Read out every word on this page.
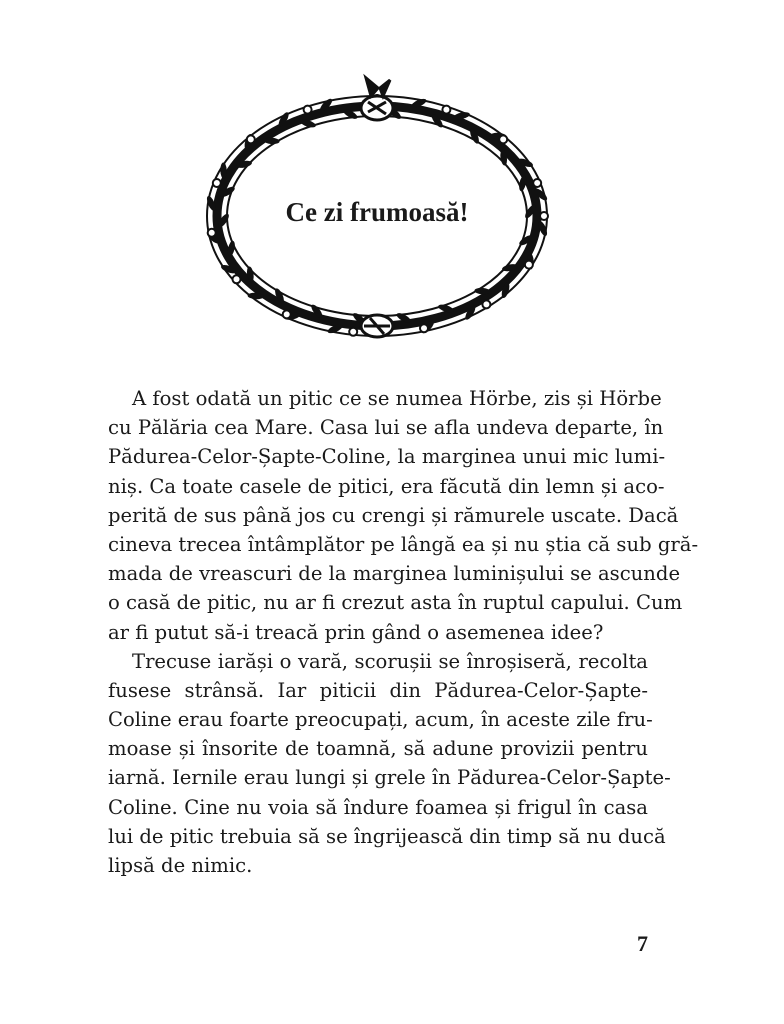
Ce zi frumoasă!

A fost odată un pitic ce se numea Hörbe, zis și Hörbe
cu Pălăria cea Mare. Casa lui se afla undeva departe, în
Pădurea-Celor-Șapte-Coline, la marginea unui mic lumi-
niș. Ca toate casele de pitici, era făcută din lemn și aco-
perită de sus până jos cu crengi și rămurele uscate. Dacă
cineva trecea întâmplător pe lângă ea și nu știa că sub gră-
mada de vreascuri de la marginea luminișului se ascunde
o casă de pitic, nu ar fi crezut asta în ruptul capului. Cum
ar fi putut să-i treacă prin gând o asemenea idee?

Trecuse iarăși o vară, scorușii se înroșiseră, recolta
fusese strânsă. Iar piticii din Pădurea-Celor-Șapte-
Coline erau foarte preocupați, acum, în aceste zile fru-
moase și însorite de toamnă, să adune provizii pentru
iarnă. Iernile erau lungi și grele în Pădurea-Celor-Șapte-
Coline. Cine nu voia să îndure foamea și frigul în casa
lui de pitic trebuia să se îngrijească din timp să nu ducă
lipsă de nimic.

7
